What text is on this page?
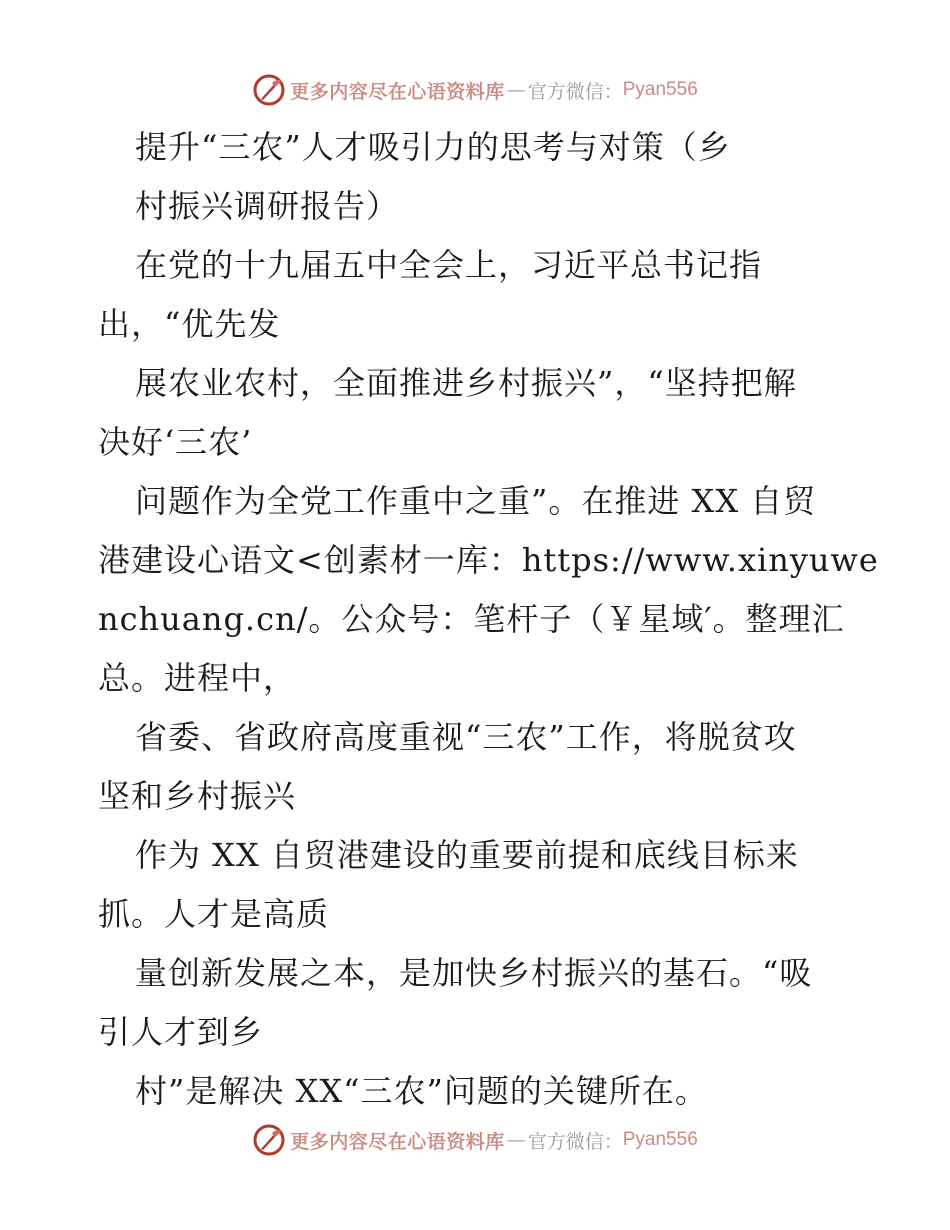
更多内容尽在心语资料库 — 官方微信： Pyan556
提升“三农”人才吸引力的思考与对策（乡
村振兴调研报告）
在党的十九届五中全会上，习近平总书记指
出，“优先发
展农业农村，全面推进乡村振兴”，“坚持把解
决好‘三农’
问题作为全党工作重中之重”。在推进 XX 自贸
港建设心语文<创素材一库：https://www.xinyuwe
nchuang.cn/。公众号：笔杆子（￥星域′。整理汇
总。进程中，
省委、省政府高度重视“三农”工作，将脱贫攻
坚和乡村振兴
作为 XX 自贸港建设的重要前提和底线目标来
抓。人才是高质
量创新发展之本，是加快乡村振兴的基石。“吸
引人才到乡
村”是解决 XX“三农”问题的关键所在。
更多内容尽在心语资料库 — 官方微信： Pyan556
